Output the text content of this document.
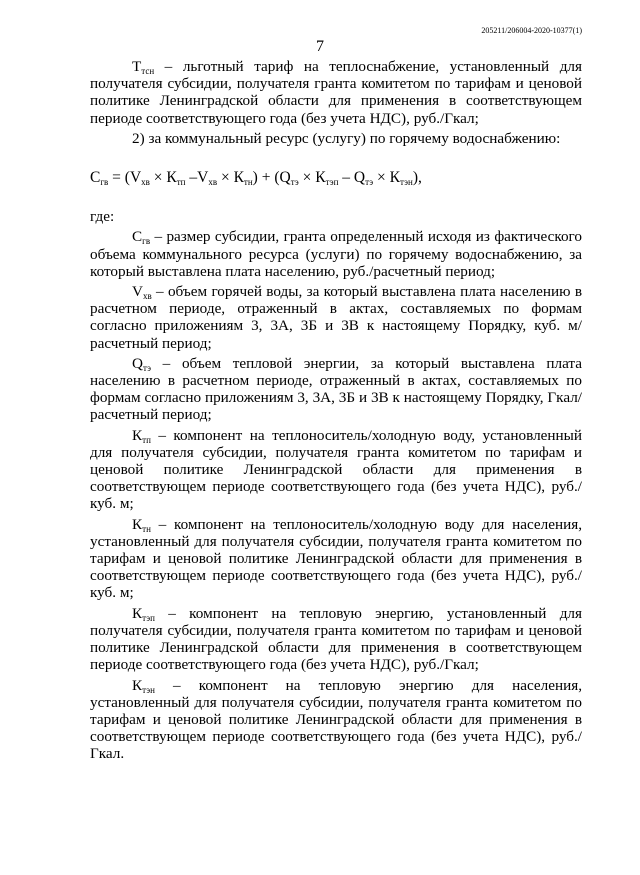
205211/206004-2020-10377(1)
7

$Т_{тсн}$ – льготный тариф на теплоснабжение, установленный для получателя субсидии, получателя гранта комитетом по тарифам и ценовой политике Ленинградской области для применения в соответствующем периоде соответствующего года (без учета НДС), руб./Гкал;

2) за коммунальный ресурс (услугу) по горячему водоснабжению:

$С_{гв} = (V_{хв} \times К_{тп}$ $-V_{хв} \times К_{тн}) + (Q_{тэ} \times К_{тэп} - Q_{тэ} \times К_{тэн})$,

где:

$С_{гв}$ – размер субсидии, гранта определенный исходя из фактического объема коммунального ресурса (услуги) по горячему водоснабжению, за который выставлена плата населению, руб./расчетный период;

$V_{хв}$ – объем горячей воды, за который выставлена плата населению в расчетном периоде, отраженный в актах, составляемых по формам согласно приложениям 3, 3А, 3Б и 3В к настоящему Порядку, куб. м/расчетный период;

$Q_{тэ}$ – объем тепловой энергии, за который выставлена плата населению в расчетном периоде, отраженный в актах, составляемых по формам согласно приложениям 3, 3А, 3Б и 3В к настоящему Порядку, Гкал/расчетный период;

$К_{тп}$ – компонент на теплоноситель/холодную воду, установленный для получателя субсидии, получателя гранта комитетом по тарифам и ценовой политике Ленинградской области для применения в соответствующем периоде соответствующего года (без учета НДС), руб./куб. м;

$К_{тн}$ – компонент на теплоноситель/холодную воду для населения, установленный для получателя субсидии, получателя гранта комитетом по тарифам и ценовой политике Ленинградской области для применения в соответствующем периоде соответствующего года (без учета НДС), руб./куб. м;

$К_{тэп}$ – компонент на тепловую энергию, установленный для получателя субсидии, получателя гранта комитетом по тарифам и ценовой политике Ленинградской области для применения в соответствующем периоде соответствующего года (без учета НДС), руб./Гкал;

$К_{тэн}$ – компонент на тепловую энергию для населения, установленный для получателя субсидии, получателя гранта комитетом по тарифам и ценовой политике Ленинградской области для применения в соответствующем периоде соответствующего года (без учета НДС), руб./Гкал.
